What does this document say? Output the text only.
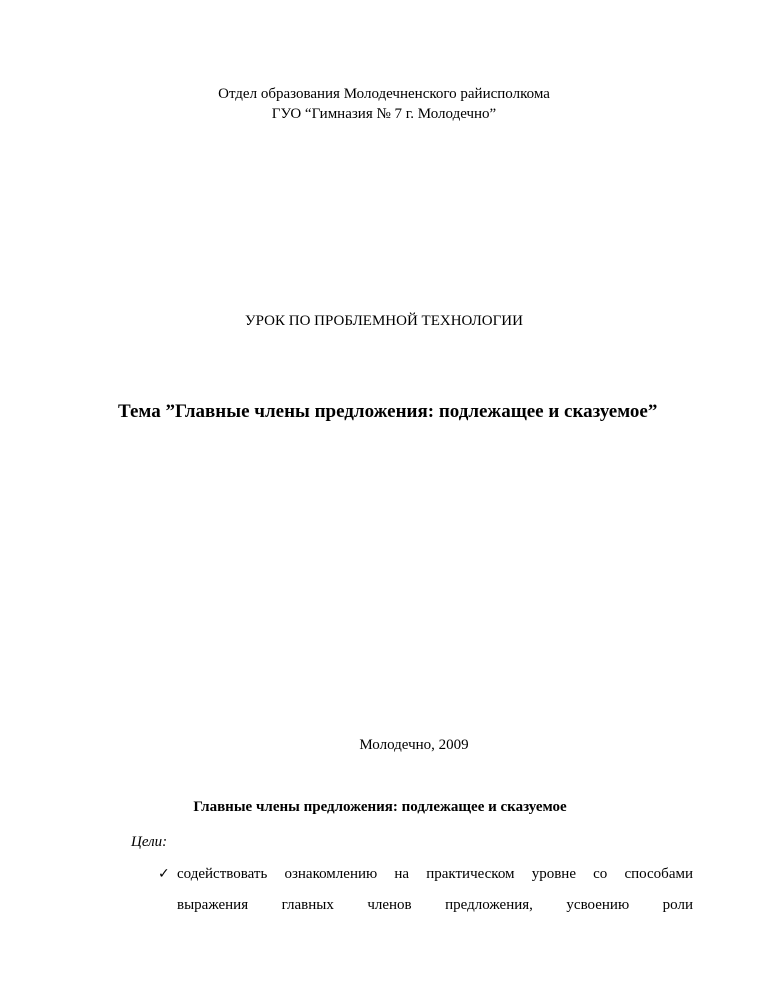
Отдел образования Молодечненского райисполкома
ГУО “Гимназия № 7 г. Молодечно”
УРОК ПО ПРОБЛЕМНОЙ ТЕХНОЛОГИИ
Тема ”Главные члены предложения: подлежащее и сказуемое”
Молодечно, 2009
Главные члены предложения: подлежащее и сказуемое
Цели:
✓ содействовать ознакомлению на практическом уровне со способами
выражения главных членов предложения, усвоению роли
